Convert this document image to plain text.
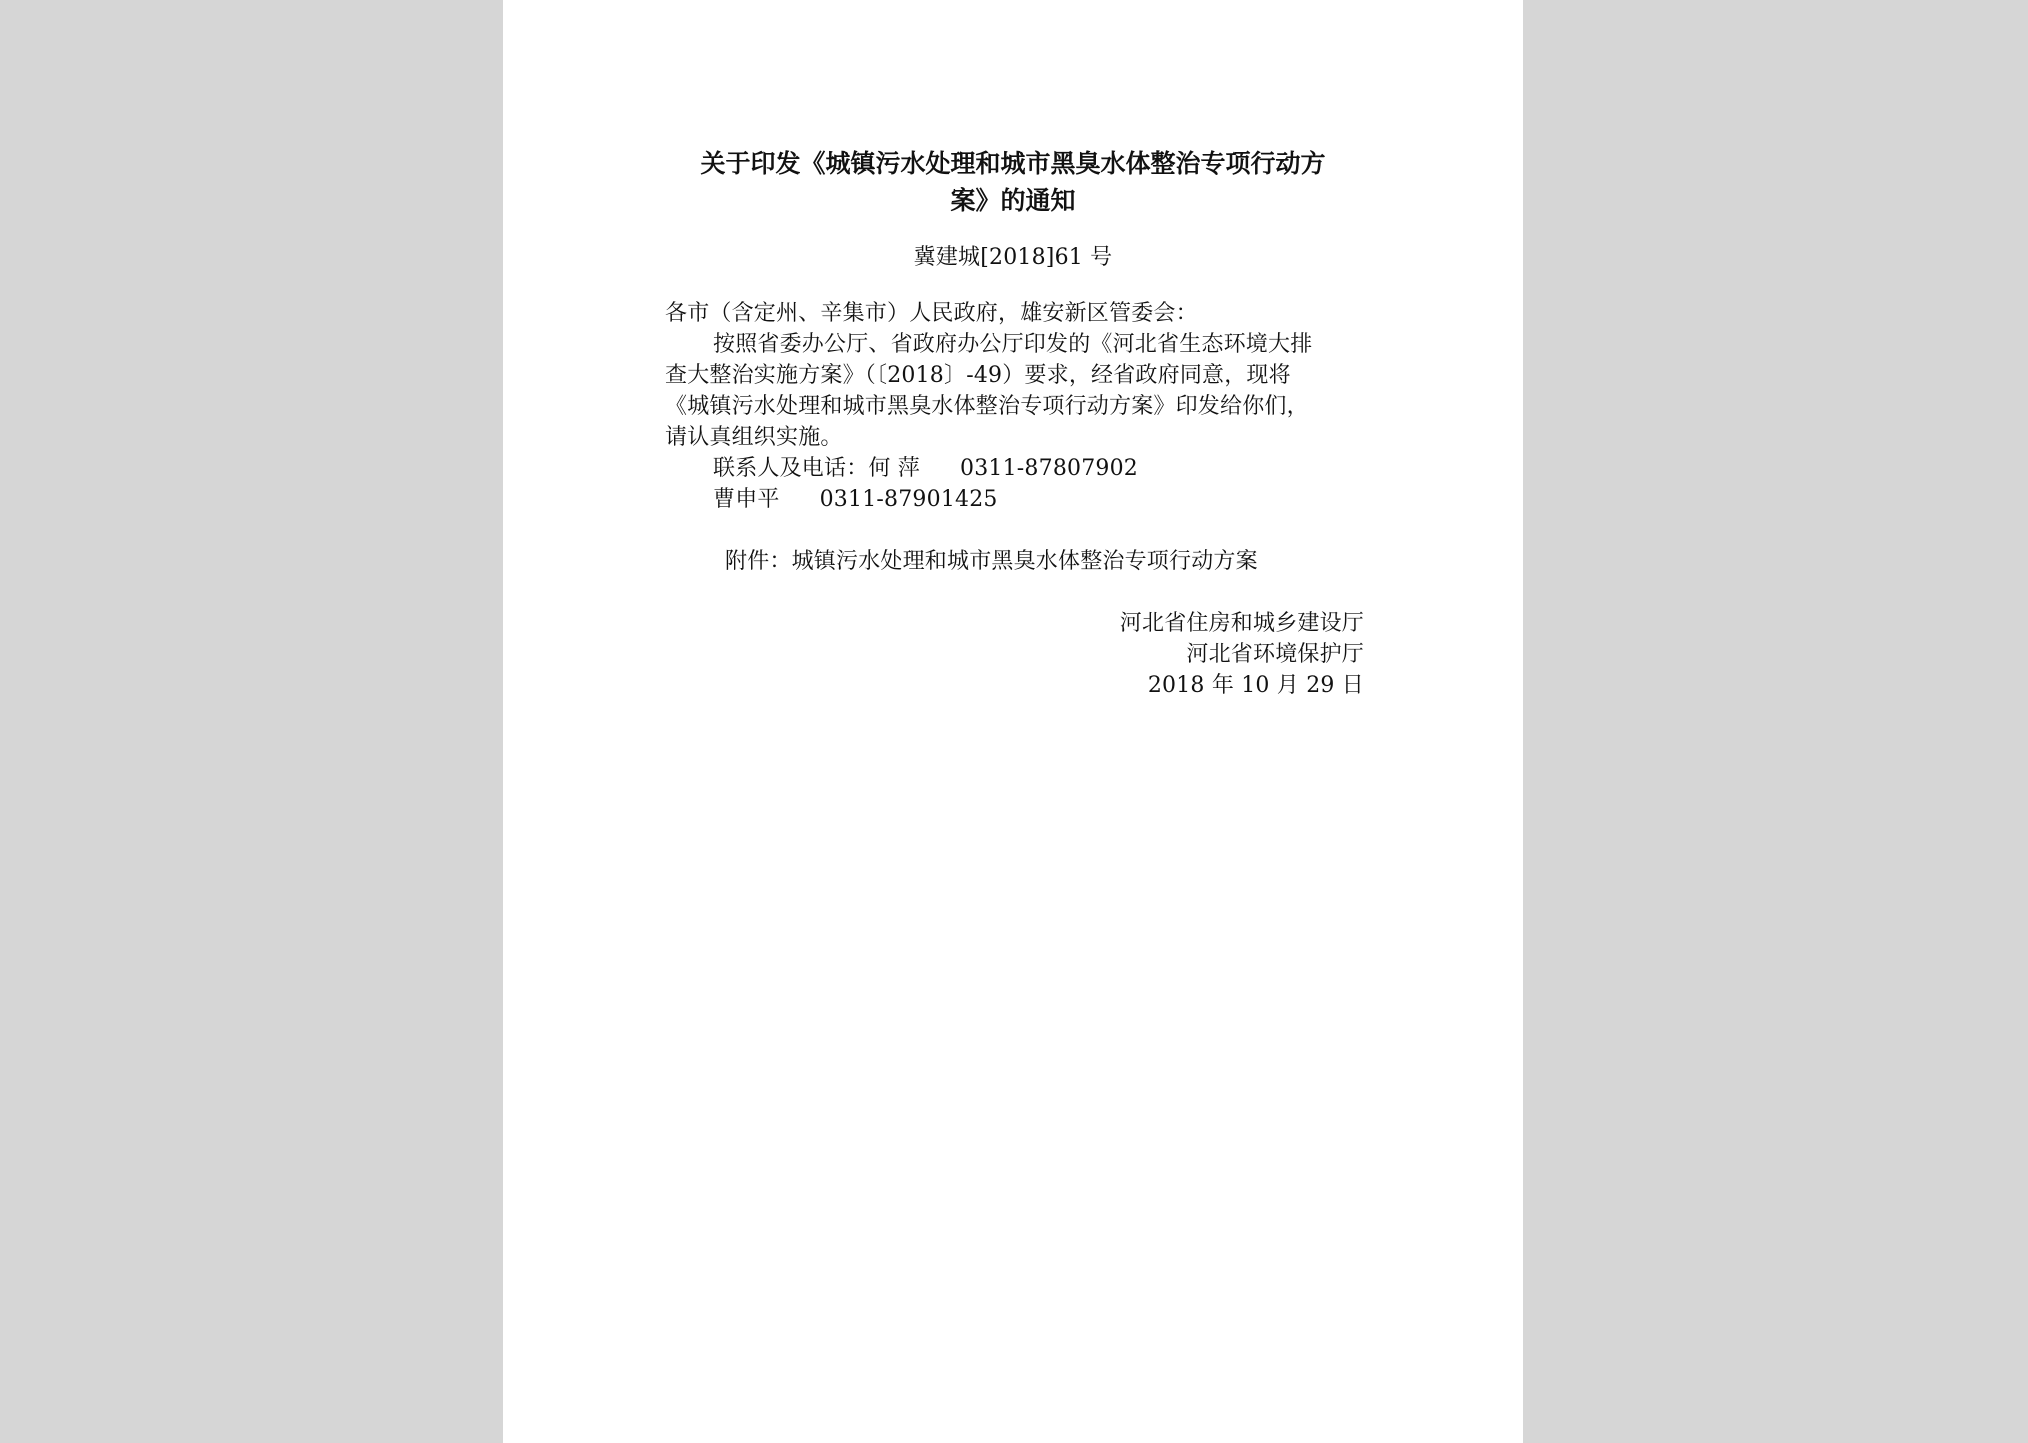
关于印发《城镇污水处理和城市黑臭水体整治专项行动方
案》的通知
冀建城[2018]61 号
各市（含定州、辛集市）人民政府，雄安新区管委会：
按照省委办公厅、省政府办公厅印发的《河北省生态环境大排
查大整治实施方案》（〔2018〕-49）要求，经省政府同意，现将
《城镇污水处理和城市黑臭水体整治专项行动方案》印发给你们，
请认真组织实施。
联系人及电话：何 萍 0311-87807902
曹申平 0311-87901425
附件：城镇污水处理和城市黑臭水体整治专项行动方案
河北省住房和城乡建设厅
河北省环境保护厅
2018 年 10 月 29 日
